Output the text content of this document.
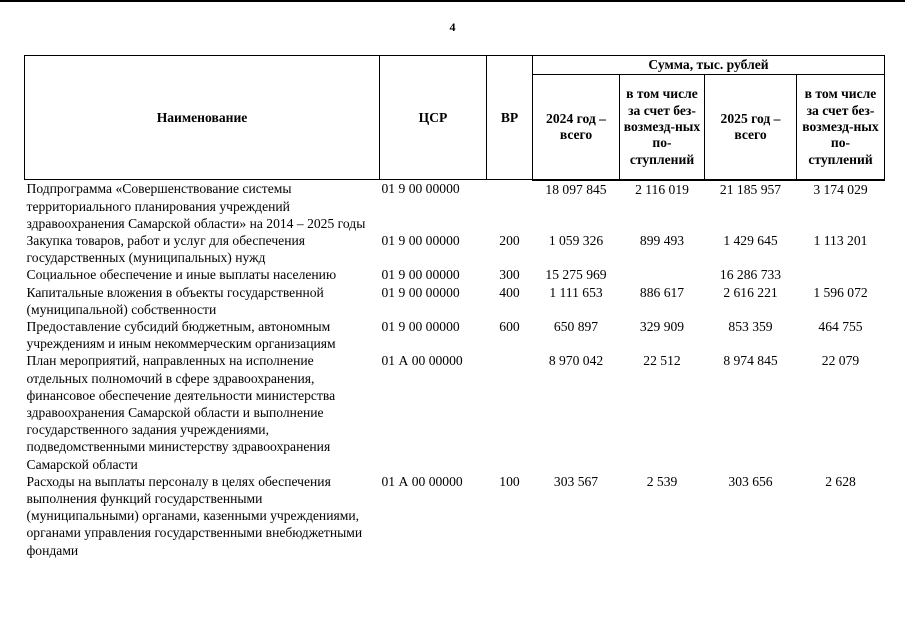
4
Наименование	ЦСР	ВР	Сумма, тыс. рублей			
			2024 год – всего	в том числе за счет без-возмезд-ных по-ступлений	2025 год – всего	в том числе за счет без-возмезд-ных по-ступлений
Подпрограмма «Совершенствование системы территориального планирования учреждений здравоохранения Самарской области» на 2014 – 2025 годы	01 9 00 00000		18 097 845	2 116 019	21 185 957	3 174 029
Закупка товаров, работ и услуг для обеспечения государственных (муниципальных) нужд	01 9 00 00000	200	1 059 326	899 493	1 429 645	1 113 201
Социальное обеспечение и иные выплаты населению	01 9 00 00000	300	15 275 969		16 286 733	
Капитальные вложения в объекты государственной (муниципальной) собственности	01 9 00 00000	400	1 111 653	886 617	2 616 221	1 596 072
Предоставление субсидий бюджетным, автономным учреждениям и иным некоммерческим организациям	01 9 00 00000	600	650 897	329 909	853 359	464 755
План мероприятий, направленных на исполнение отдельных полномочий в сфере здравоохранения, финансовое обеспечение деятельности министерства здравоохранения Самарской области и выполнение государственного задания учреждениями, подведомственными министерству здравоохранения Самарской области	01 А 00 00000		8 970 042	22 512	8 974 845	22 079
Расходы на выплаты персоналу в целях обеспечения выполнения функций государственными (муниципальными) органами, казенными учреждениями, органами управления государственными внебюджетными фондами	01 А 00 00000	100	303 567	2 539	303 656	2 628
